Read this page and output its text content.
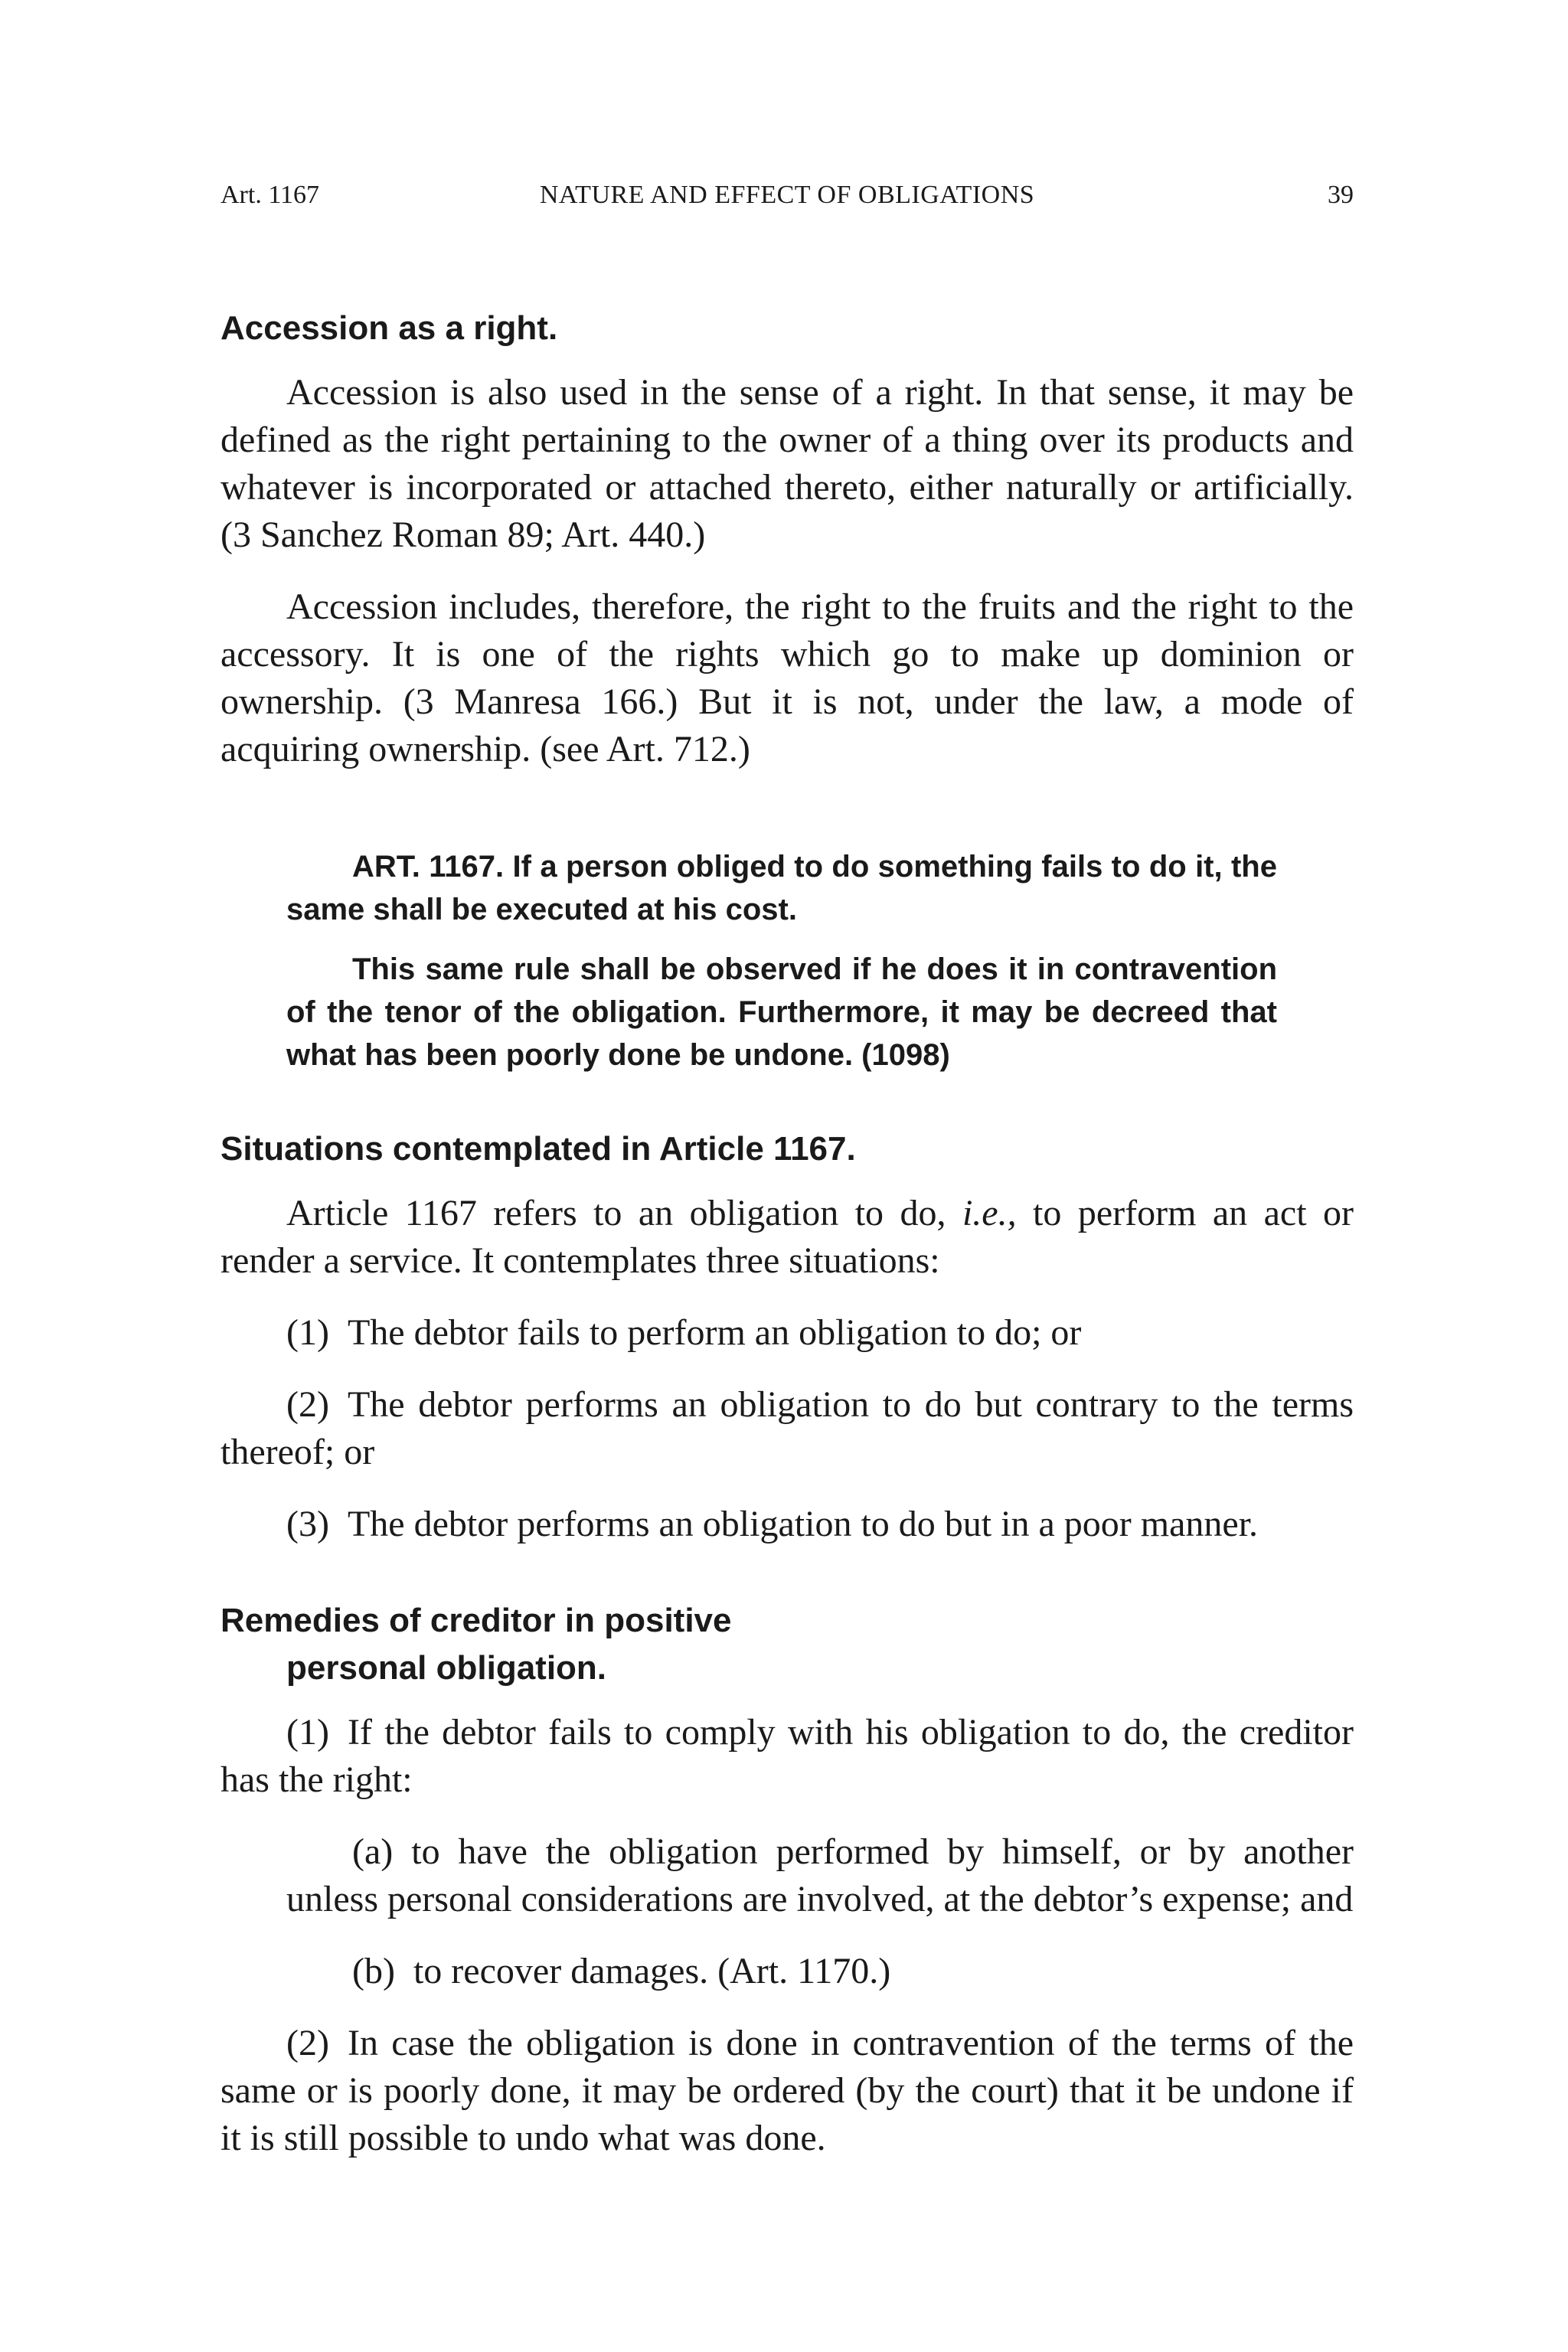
Art. 1167	NATURE AND EFFECT OF OBLIGATIONS	39
Accession as a right.

Accession is also used in the sense of a right. In that sense, it may be defined as the right pertaining to the owner of a thing over its products and whatever is incorporated or attached thereto, either naturally or artificially. (3 Sanchez Roman 89; Art. 440.)

Accession includes, therefore, the right to the fruits and the right to the accessory. It is one of the rights which go to make up dominion or ownership. (3 Manresa 166.) But it is not, under the law, a mode of acquiring ownership. (see Art. 712.)

ART. 1167. If a person obliged to do something fails to do it, the same shall be executed at his cost.

This same rule shall be observed if he does it in contravention of the tenor of the obligation. Furthermore, it may be decreed that what has been poorly done be undone. (1098)

Situations contemplated in Article 1167.

Article 1167 refers to an obligation to do, i.e., to perform an act or render a service. It contemplates three situations:

(1) The debtor fails to perform an obligation to do; or

(2) The debtor performs an obligation to do but contrary to the terms thereof; or

(3) The debtor performs an obligation to do but in a poor manner.

Remedies of creditor in positive
personal obligation.

(1) If the debtor fails to comply with his obligation to do, the creditor has the right:

(a) to have the obligation performed by himself, or by another unless personal considerations are involved, at the debtor’s expense; and

(b) to recover damages. (Art. 1170.)

(2) In case the obligation is done in contravention of the terms of the same or is poorly done, it may be ordered (by the court) that it be undone if it is still possible to undo what was done.
